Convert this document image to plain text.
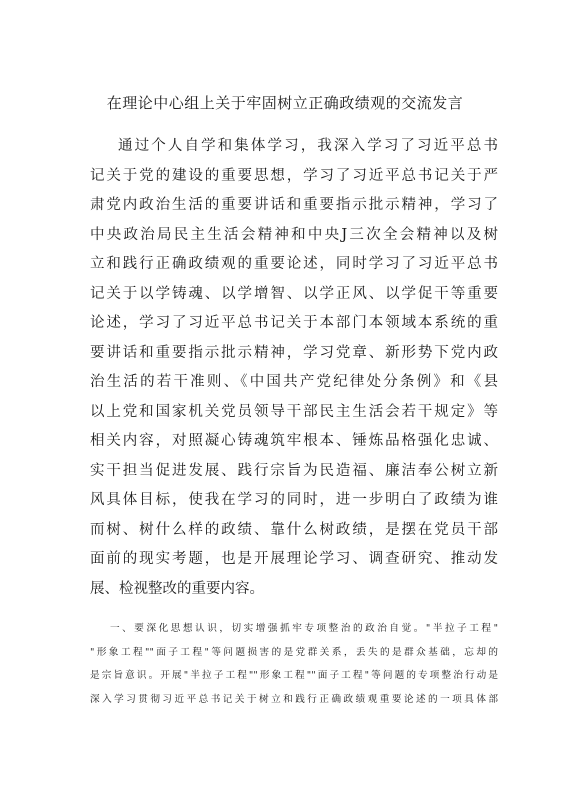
在理论中心组上关于牢固树立正确政绩观的交流发言
通过个人自学和集体学习，我深入学习了习近平总书
记关于党的建设的重要思想，学习了习近平总书记关于严
肃党内政治生活的重要讲话和重要指示批示精神，学习了
中央政治局民主生活会精神和中央J三次全会精神以及树
立和践行正确政绩观的重要论述，同时学习了习近平总书
记关于以学铸魂、以学增智、以学正风、以学促干等重要
论述，学习了习近平总书记关于本部门本领域本系统的重
要讲话和重要指示批示精神，学习党章、新形势下党内政
治生活的若干准则、《中国共产党纪律处分条例》和《县
以上党和国家机关党员领导干部民主生活会若干规定》等
相关内容，对照凝心铸魂筑牢根本、锤炼品格强化忠诚、
实干担当促进发展、践行宗旨为民造福、廉洁奉公树立新
风具体目标，使我在学习的同时，进一步明白了政绩为谁
而树、树什么样的政绩、靠什么树政绩，是摆在党员干部
面前的现实考题，也是开展理论学习、调查研究、推动发
展、检视整改的重要内容。
一、要深化思想认识，切实增强抓牢专项整治的政治自觉。"半拉子工程"
"形象工程""面子工程"等问题损害的是党群关系，丢失的是群众基础，忘却的
是宗旨意识。开展"半拉子工程""形象工程""面子工程"等问题的专项整治行动是
深入学习贯彻习近平总书记关于树立和践行正确政绩观重要论述的一项具体部
